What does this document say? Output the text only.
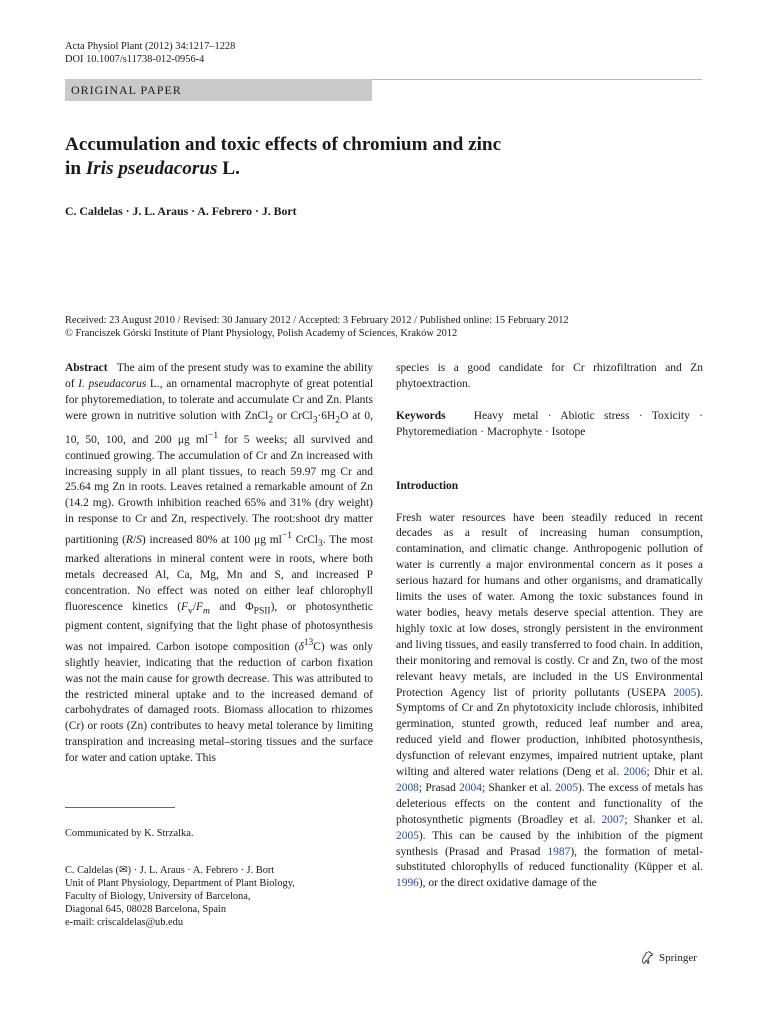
Acta Physiol Plant (2012) 34:1217–1228
DOI 10.1007/s11738-012-0956-4
ORIGINAL PAPER
Accumulation and toxic effects of chromium and zinc
in Iris pseudacorus L.
C. Caldelas · J. L. Araus · A. Febrero · J. Bort
Received: 23 August 2010 / Revised: 30 January 2012 / Accepted: 3 February 2012 / Published online: 15 February 2012
© Franciszek Górski Institute of Plant Physiology, Polish Academy of Sciences, Kraków 2012

Abstract   The aim of the present study was to examine the ability of I. pseudacorus L., an ornamental macrophyte of great potential for phytoremediation, to tolerate and accumulate Cr and Zn. Plants were grown in nutritive solution with ZnCl$_2$ or $CrCl_3\cdot 6H_2O$ at 0, 10, 50, 100, and 200 μg $ml^{-1}$ for 5 weeks; all survived and continued growing. The accumulation of Cr and Zn increased with increasing supply in all plant tissues, to reach 59.97 mg Cr and 25.64 mg Zn in roots. Leaves retained a remarkable amount of Zn (14.2 mg). Growth inhibition reached 65% and 31% (dry weight) in response to Cr and Zn, respectively. The root:shoot dry matter partitioning (R/S) increased 80% at 100 μg $ml^{-1}$ CrCl$_3$. The most marked alterations in mineral content were in roots, where both metals decreased Al, Ca, Mg, Mn and S, and increased P concentration. No effect was noted on either leaf chlorophyll fluorescence kinetics ($F_v/F_m$ and $\Phi_{PSII}$), or photosynthetic pigment content, signifying that the light phase of photosynthesis was not impaired. Carbon isotope composition $(\delta^{13}C)$ was only slightly heavier, indicating that the reduction of carbon fixation was not the main cause for growth decrease. This was attributed to the restricted mineral uptake and to the increased demand of carbohydrates of damaged roots. Biomass allocation to rhizomes (Cr) or roots (Zn) contributes to heavy metal tolerance by limiting transpiration and increasing metal–storing tissues and the surface for water and cation uptake. This

species is a good candidate for Cr rhizofiltration and Zn phytoextraction.

Keywords Heavy metal · Abiotic stress · Toxicity · Phytoremediation · Macrophyte · Isotope

Introduction

Fresh water resources have been steadily reduced in recent decades as a result of increasing human consumption, contamination, and climatic change. Anthropogenic pollution of water is currently a major environmental concern as it poses a serious hazard for humans and other organisms, and dramatically limits the uses of water. Among the toxic substances found in water bodies, heavy metals deserve special attention. They are highly toxic at low doses, strongly persistent in the environment and living tissues, and easily transferred to food chain. In addition, their monitoring and removal is costly. Cr and Zn, two of the most relevant heavy metals, are included in the US Environmental Protection Agency list of priority pollutants (USEPA 2005). Symptoms of Cr and Zn phytotoxicity include chlorosis, inhibited germination, stunted growth, reduced leaf number and area, reduced yield and flower production, inhibited photosynthesis, dysfunction of relevant enzymes, impaired nutrient uptake, plant wilting and altered water relations (Deng et al. 2006; Dhir et al. 2008; Prasad 2004; Shanker et al. 2005). The excess of metals has deleterious effects on the content and functionality of the photosynthetic pigments (Broadley et al. 2007; Shanker et al. 2005). This can be caused by the inhibition of the pigment synthesis (Prasad and Prasad 1987), the formation of metal-substituted chlorophylls of reduced functionality (Küpper et al. 1996), or the direct oxidative damage of the

Communicated by K. Strzalka.
C. Caldelas (✉) · J. L. Araus · A. Febrero · J. Bort
Unit of Plant Physiology, Department of Plant Biology,
Faculty of Biology, University of Barcelona,
Diagonal 645, 08028 Barcelona, Spain
e-mail: criscaldelas@ub.edu
Springer
